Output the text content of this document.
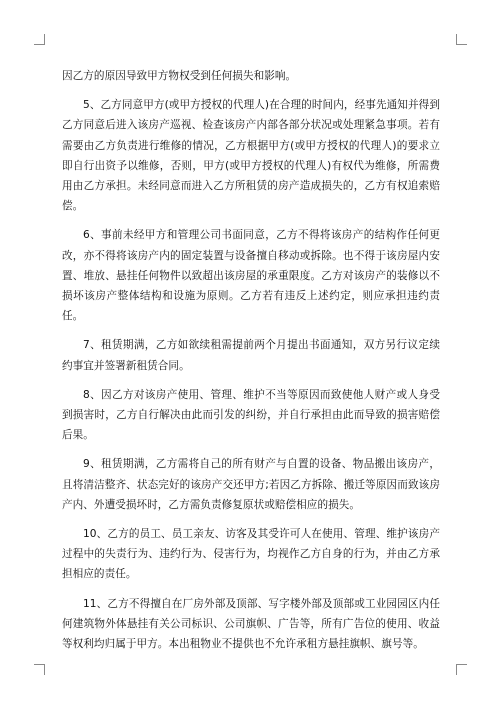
因乙方的原因导致甲方物权受到任何损失和影响。

5、乙方同意甲方(或甲方授权的代理人)在合理的时间内，经事先通知并得到乙方同意后进入该房产巡视、检查该房产内部各部分状况或处理紧急事项。若有需要由乙方负责进行维修的情况，乙方根据甲方(或甲方授权的代理人)的要求立即自行出资予以维修，否则，甲方(或甲方授权的代理人)有权代为维修，所需费用由乙方承担。未经同意而进入乙方所租赁的房产造成损失的，乙方有权追索赔偿。

6、事前未经甲方和管理公司书面同意，乙方不得将该房产的结构作任何更改，亦不得将该房产内的固定装置与设备擅自移动或拆除。也不得于该房屋内安置、堆放、悬挂任何物件以致超出该房屋的承重限度。乙方对该房产的装修以不损坏该房产整体结构和设施为原则。乙方若有违反上述约定，则应承担违约责任。

7、租赁期满，乙方如欲续租需提前两个月提出书面通知，双方另行议定续约事宜并签署新租赁合同。

8、因乙方对该房产使用、管理、维护不当等原因而致使他人财产或人身受到损害时，乙方自行解决由此而引发的纠纷，并自行承担由此而导致的损害赔偿后果。

9、租赁期满，乙方需将自己的所有财产与自置的设备、物品搬出该房产，且将清洁整齐、状态完好的该房产交还甲方;若因乙方拆除、搬迁等原因而致该房产内、外遭受损坏时，乙方需负责修复原状或赔偿相应的损失。

10、乙方的员工、员工亲友、访客及其受许可人在使用、管理、维护该房产过程中的失责行为、违约行为、侵害行为，均视作乙方自身的行为，并由乙方承担相应的责任。

11、乙方不得擅自在厂房外部及顶部、写字楼外部及顶部或工业园园区内任何建筑物外体悬挂有关公司标识、公司旗帜、广告等，所有广告位的使用、收益等权利均归属于甲方。本出租物业不提供也不允许承租方悬挂旗帜、旗号等。
